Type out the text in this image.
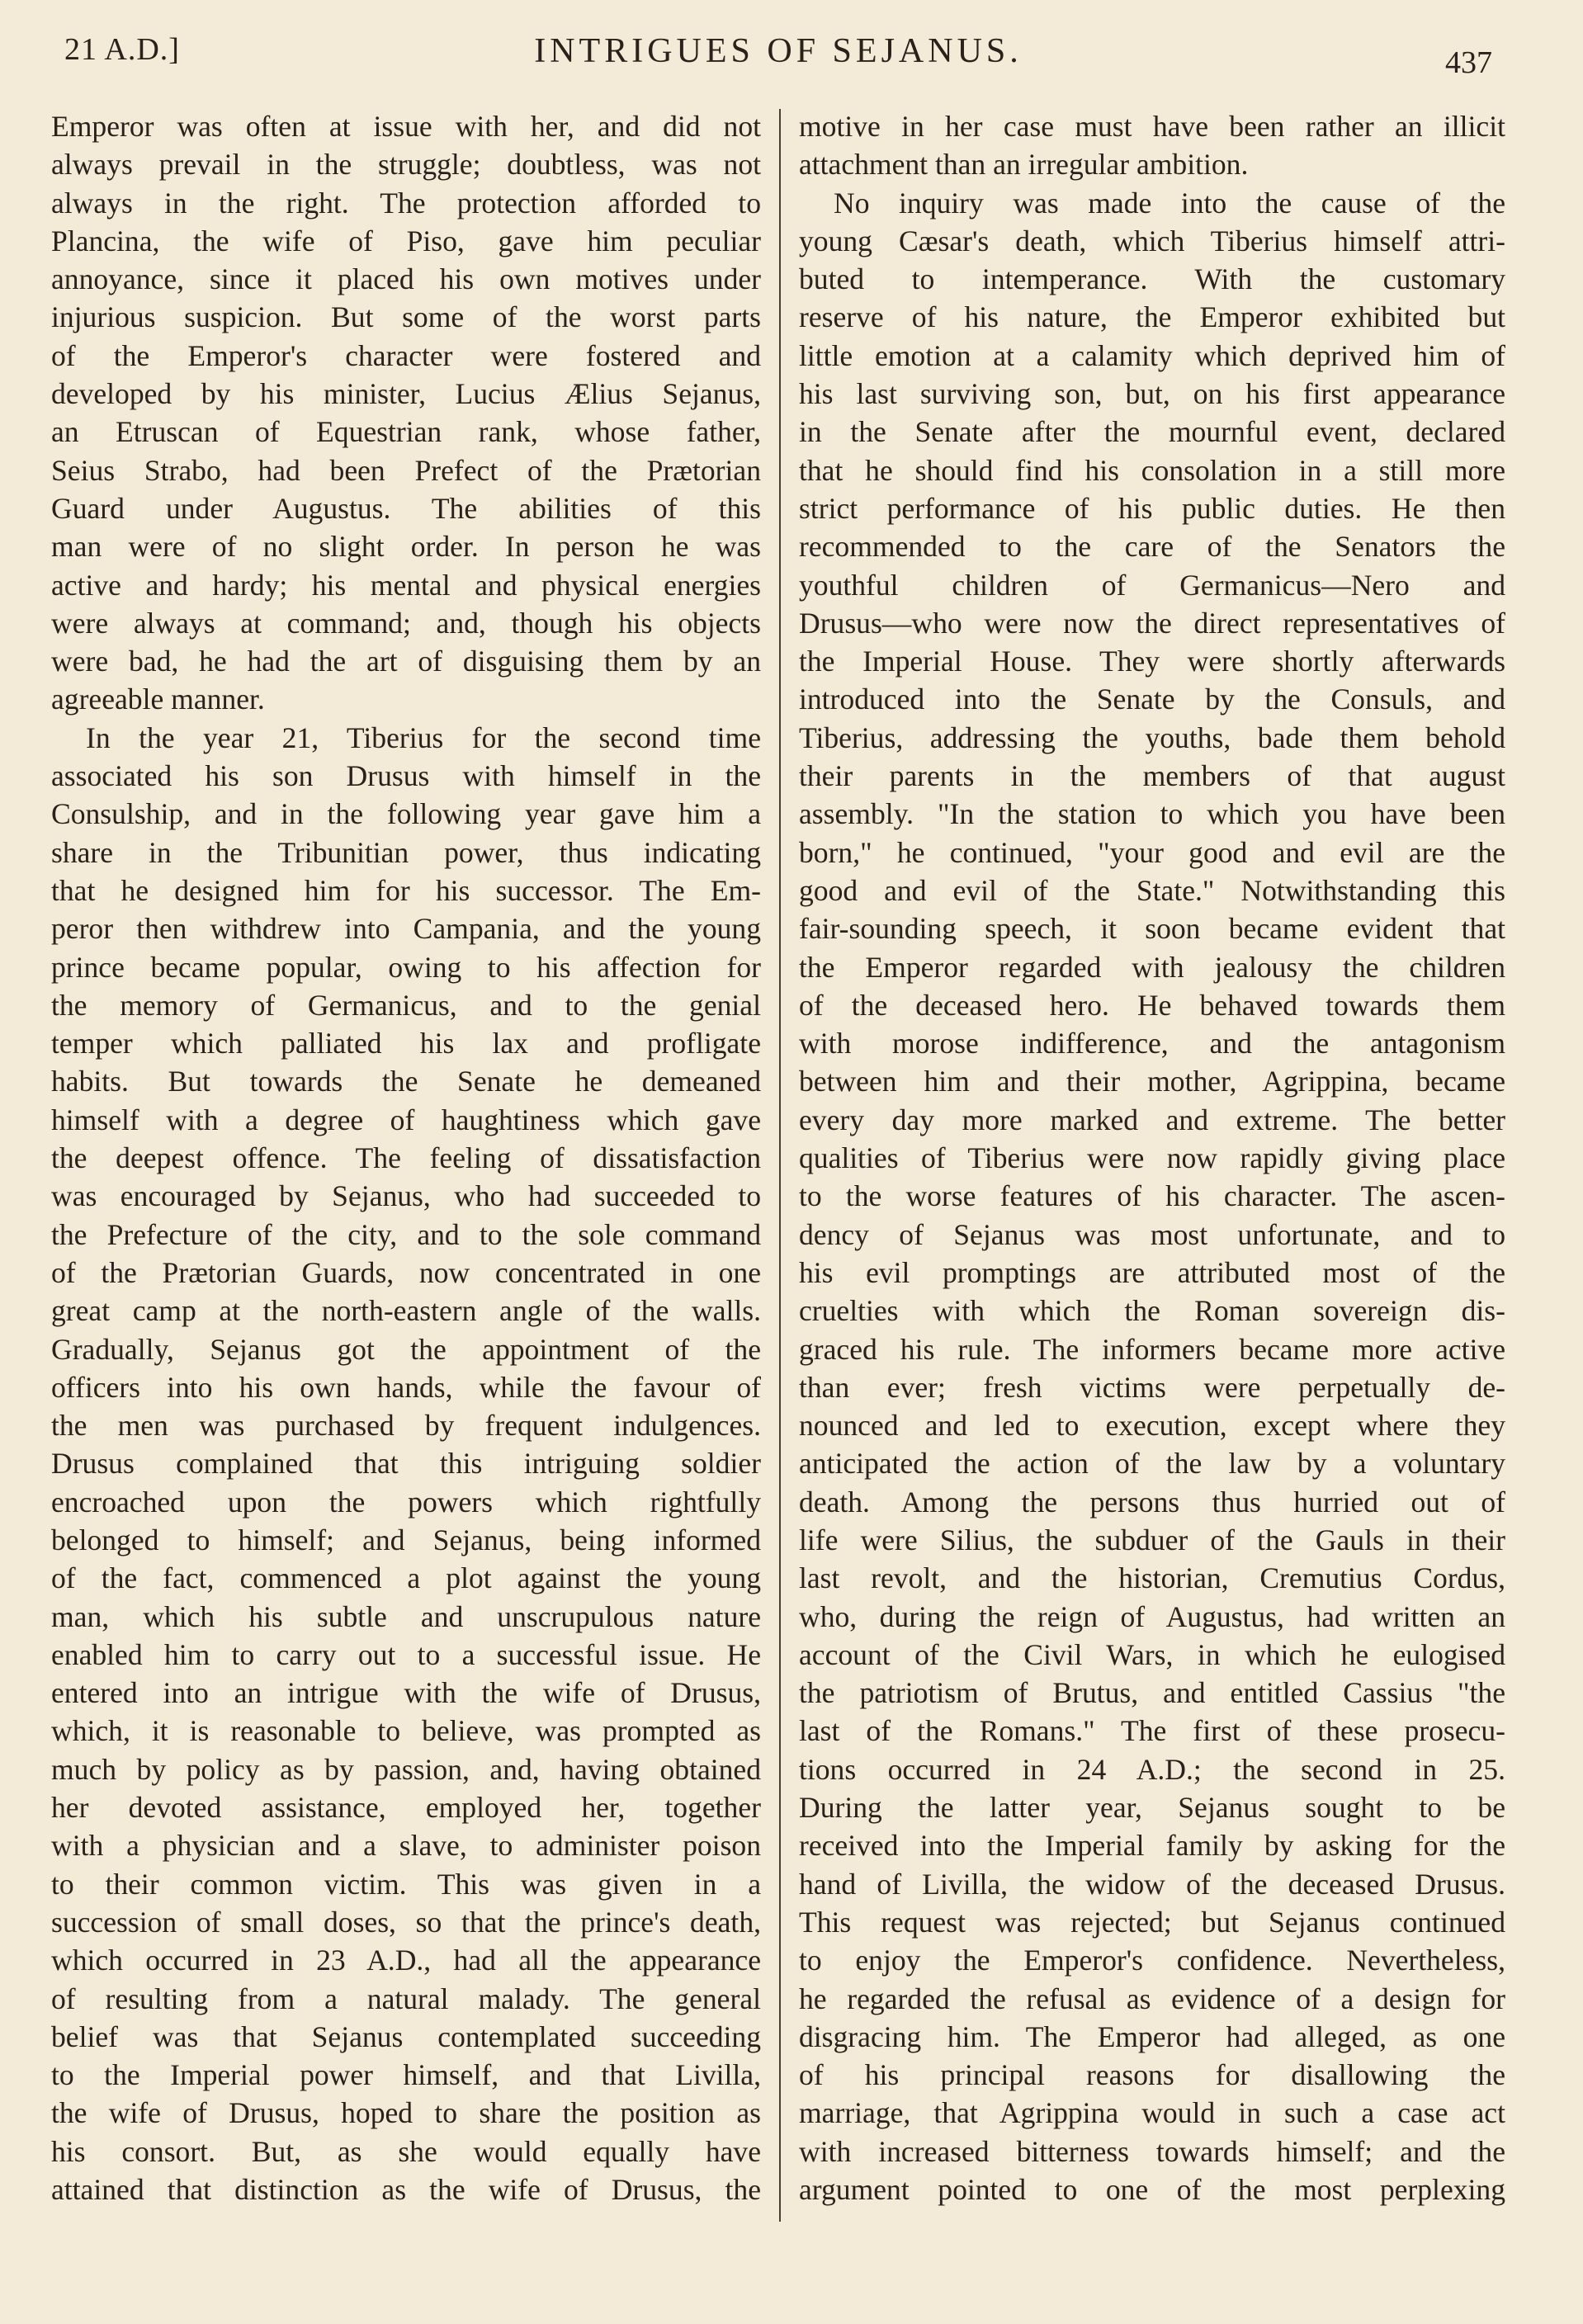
21 A.D.]	INTRIGUES OF SEJANUS.	437
Emperor was often at issue with her, and did not
always prevail in the struggle; doubtless, was not
always in the right. The protection afforded to
Plancina, the wife of Piso, gave him peculiar
annoyance, since it placed his own motives under
injurious suspicion. But some of the worst parts
of the Emperor's character were fostered and
developed by his minister, Lucius Ælius Sejanus,
an Etruscan of Equestrian rank, whose father,
Seius Strabo, had been Prefect of the Prætorian
Guard under Augustus. The abilities of this
man were of no slight order. In person he was
active and hardy; his mental and physical energies
were always at command; and, though his objects
were bad, he had the art of disguising them by an
agreeable manner.
In the year 21, Tiberius for the second time
associated his son Drusus with himself in the
Consulship, and in the following year gave him a
share in the Tribunitian power, thus indicating
that he designed him for his successor. The Em-
peror then withdrew into Campania, and the young
prince became popular, owing to his affection for
the memory of Germanicus, and to the genial
temper which palliated his lax and profligate
habits. But towards the Senate he demeaned
himself with a degree of haughtiness which gave
the deepest offence. The feeling of dissatisfaction
was encouraged by Sejanus, who had succeeded to
the Prefecture of the city, and to the sole command
of the Prætorian Guards, now concentrated in one
great camp at the north-eastern angle of the walls.
Gradually, Sejanus got the appointment of the
officers into his own hands, while the favour of
the men was purchased by frequent indulgences.
Drusus complained that this intriguing soldier
encroached upon the powers which rightfully
belonged to himself; and Sejanus, being informed
of the fact, commenced a plot against the young
man, which his subtle and unscrupulous nature
enabled him to carry out to a successful issue. He
entered into an intrigue with the wife of Drusus,
which, it is reasonable to believe, was prompted as
much by policy as by passion, and, having obtained
her devoted assistance, employed her, together
with a physician and a slave, to administer poison
to their common victim. This was given in a
succession of small doses, so that the prince's death,
which occurred in 23 A.D., had all the appearance
of resulting from a natural malady. The general
belief was that Sejanus contemplated succeeding
to the Imperial power himself, and that Livilla,
the wife of Drusus, hoped to share the position as
his consort. But, as she would equally have
attained that distinction as the wife of Drusus, the
motive in her case must have been rather an illicit
attachment than an irregular ambition.
No inquiry was made into the cause of the
young Cæsar's death, which Tiberius himself attri-
buted to intemperance. With the customary
reserve of his nature, the Emperor exhibited but
little emotion at a calamity which deprived him of
his last surviving son, but, on his first appearance
in the Senate after the mournful event, declared
that he should find his consolation in a still more
strict performance of his public duties. He then
recommended to the care of the Senators the
youthful children of Germanicus—Nero and
Drusus—who were now the direct representatives of
the Imperial House. They were shortly afterwards
introduced into the Senate by the Consuls, and
Tiberius, addressing the youths, bade them behold
their parents in the members of that august
assembly. "In the station to which you have been
born," he continued, "your good and evil are the
good and evil of the State." Notwithstanding this
fair-sounding speech, it soon became evident that
the Emperor regarded with jealousy the children
of the deceased hero. He behaved towards them
with morose indifference, and the antagonism
between him and their mother, Agrippina, became
every day more marked and extreme. The better
qualities of Tiberius were now rapidly giving place
to the worse features of his character. The ascen-
dency of Sejanus was most unfortunate, and to
his evil promptings are attributed most of the
cruelties with which the Roman sovereign dis-
graced his rule. The informers became more active
than ever; fresh victims were perpetually de-
nounced and led to execution, except where they
anticipated the action of the law by a voluntary
death. Among the persons thus hurried out of
life were Silius, the subduer of the Gauls in their
last revolt, and the historian, Cremutius Cordus,
who, during the reign of Augustus, had written an
account of the Civil Wars, in which he eulogised
the patriotism of Brutus, and entitled Cassius "the
last of the Romans." The first of these prosecu-
tions occurred in 24 A.D.; the second in 25.
During the latter year, Sejanus sought to be
received into the Imperial family by asking for the
hand of Livilla, the widow of the deceased Drusus.
This request was rejected; but Sejanus continued
to enjoy the Emperor's confidence. Nevertheless,
he regarded the refusal as evidence of a design for
disgracing him. The Emperor had alleged, as one
of his principal reasons for disallowing the
marriage, that Agrippina would in such a case act
with increased bitterness towards himself; and the
argument pointed to one of the most perplexing
